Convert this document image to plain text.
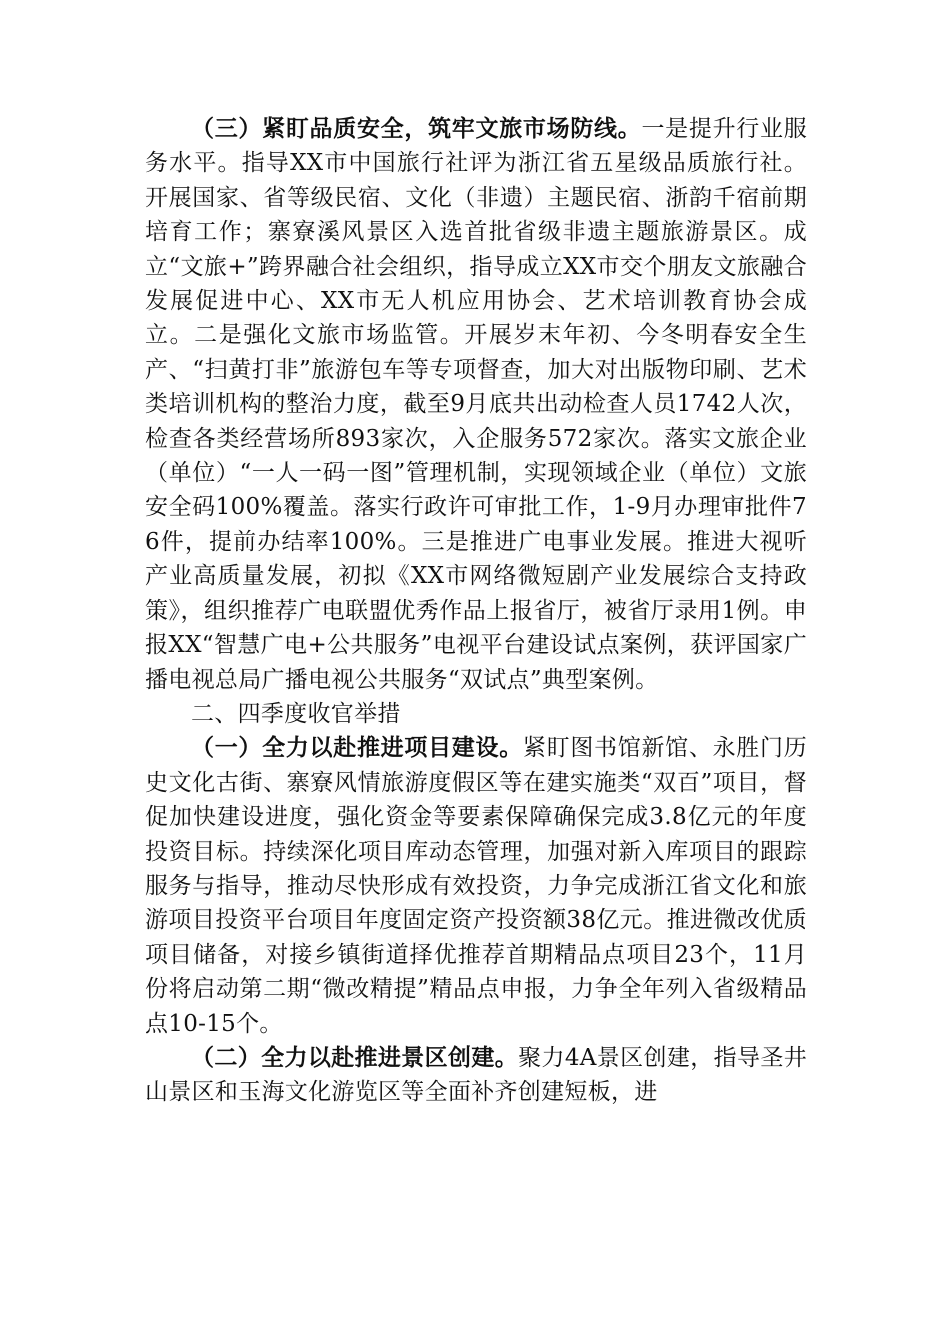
（三）紧盯品质安全，筑牢文旅市场防线。一是提升行业服务水平。指导XX市中国旅行社评为浙江省五星级品质旅行社。开展国家、省等级民宿、文化（非遗）主题民宿、浙韵千宿前期培育工作；寨寮溪风景区入选首批省级非遗主题旅游景区。成立“文旅+”跨界融合社会组织，指导成立XX市交个朋友文旅融合发展促进中心、XX市无人机应用协会、艺术培训教育协会成立。二是强化文旅市场监管。开展岁末年初、今冬明春安全生产、“扫黄打非”旅游包车等专项督查，加大对出版物印刷、艺术类培训机构的整治力度，截至9月底共出动检查人员1742人次，检查各类经营场所893家次，入企服务572家次。落实文旅企业（单位）“一人一码一图”管理机制，实现领域企业（单位）文旅安全码100%覆盖。落实行政许可审批工作，1-9月办理审批件76件，提前办结率100%。三是推进广电事业发展。推进大视听产业高质量发展，初拟《XX市网络微短剧产业发展综合支持政策》，组织推荐广电联盟优秀作品上报省厅，被省厅录用1例。申报XX“智慧广电+公共服务”电视平台建设试点案例，获评国家广播电视总局广播电视公共服务“双试点”典型案例。

二、四季度收官举措

（一）全力以赴推进项目建设。紧盯图书馆新馆、永胜门历史文化古街、寨寮风情旅游度假区等在建实施类“双百”项目，督促加快建设进度，强化资金等要素保障确保完成3.8亿元的年度投资目标。持续深化项目库动态管理，加强对新入库项目的跟踪服务与指导，推动尽快形成有效投资，力争完成浙江省文化和旅游项目投资平台项目年度固定资产投资额38亿元。推进微改优质项目储备，对接乡镇街道择优推荐首期精品点项目23个，11月份将启动第二期“微改精提”精品点申报，力争全年列入省级精品点10-15个。

（二）全力以赴推进景区创建。聚力4A景区创建，指导圣井山景区和玉海文化游览区等全面补齐创建短板，进
